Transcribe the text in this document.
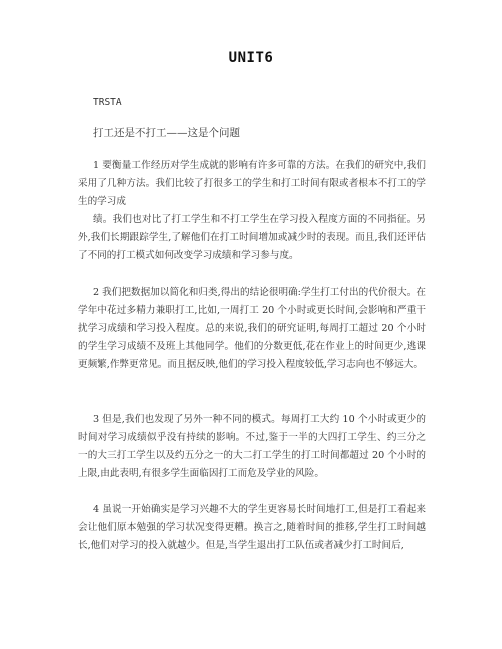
UNIT6
TRSTA
打工还是不打工——这是个问题

1 要衡量工作经历对学生成就的影响有许多可靠的方法。在我们的研究中,我们采用了几种方法。我们比较了打很多工的学生和打工时间有限或者根本不打工的学生的学习成

绩。我们也对比了打工学生和不打工学生在学习投入程度方面的不同指征。另外,我们长期跟踪学生,了解他们在打工时间增加或减少时的表现。而且,我们还评估了不同的打工模式如何改变学习成绩和学习参与度。

2 我们把数据加以简化和归类,得出的结论很明确:学生打工付出的代价很大。在学年中花过多精力兼职打工,比如,一周打工 20 个小时或更长时间,会影响和严重干扰学习成绩和学习投入程度。总的来说,我们的研究证明,每周打工超过 20 个小时的学生学习成绩不及班上其他同学。他们的分数更低,花在作业上的时间更少,逃课更频繁,作弊更常见。而且据反映,他们的学习投入程度较低,学习志向也不够远大。

3 但是,我们也发现了另外一种不同的模式。每周打工大约 10 个小时或更少的时间对学习成绩似乎没有持续的影响。不过,鉴于一半的大四打工学生、约三分之一的大三打工学生以及约五分之一的大二打工学生的打工时间都超过 20 个小时的上限,由此表明,有很多学生面临因打工而危及学业的风险。

4 虽说一开始确实是学习兴趣不大的学生更容易长时间地打工,但是打工看起来会让他们原本勉强的学习状况变得更糟。换言之,随着时间的推移,学生打工时间越长,他们对学习的投入就越少。但是,当学生退出打工队伍或者减少打工时间后,
